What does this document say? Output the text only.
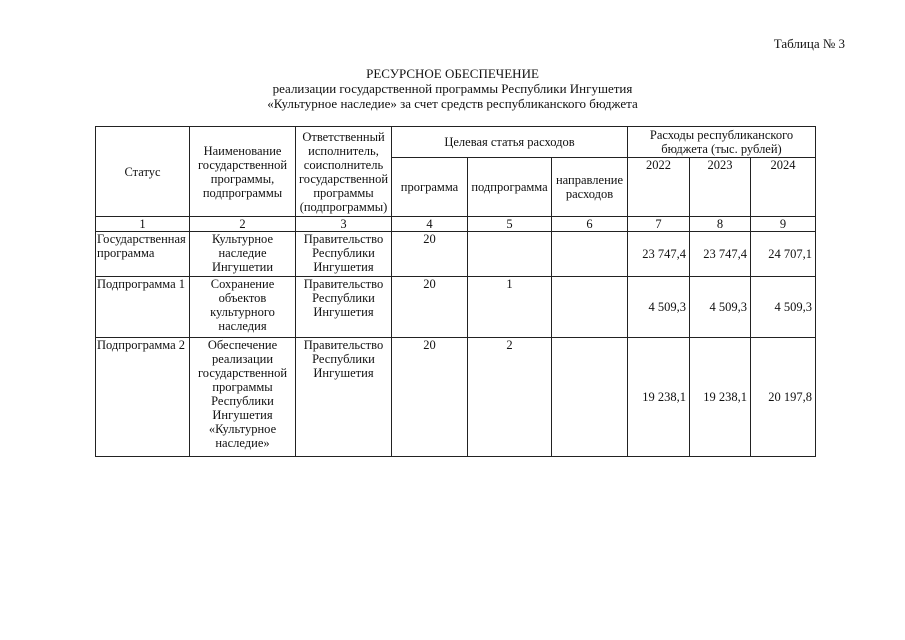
Таблица № 3
РЕСУРСНОЕ ОБЕСПЕЧЕНИЕ
реализации государственной программы Республики Ингушетия
«Культурное наследие» за счет средств республиканского бюджета
Статус	Наименование государственной программы, подпрограммы	Ответственный исполнитель, соисполнитель государственной программы (подпрограммы)	Целевая статья расходов			Расходы республиканского бюджета (тыс. рублей)		
			программа	подпрограмма	направление расходов	2022	2023	2024
1	2	3	4	5	6	7	8	9
Государственная программа	Культурное наследие Ингушетии	Правительство Республики Ингушетия	20			23 747,4	23 747,4	24 707,1
Подпрограмма 1	Сохранение объектов культурного наследия	Правительство Республики Ингушетия	20	1		4 509,3	4 509,3	4 509,3
Подпрограмма 2	Обеспечение реализации государственной программы Республики Ингушетия «Культурное наследие»	Правительство Республики Ингушетия	20	2		19 238,1	19 238,1	20 197,8
